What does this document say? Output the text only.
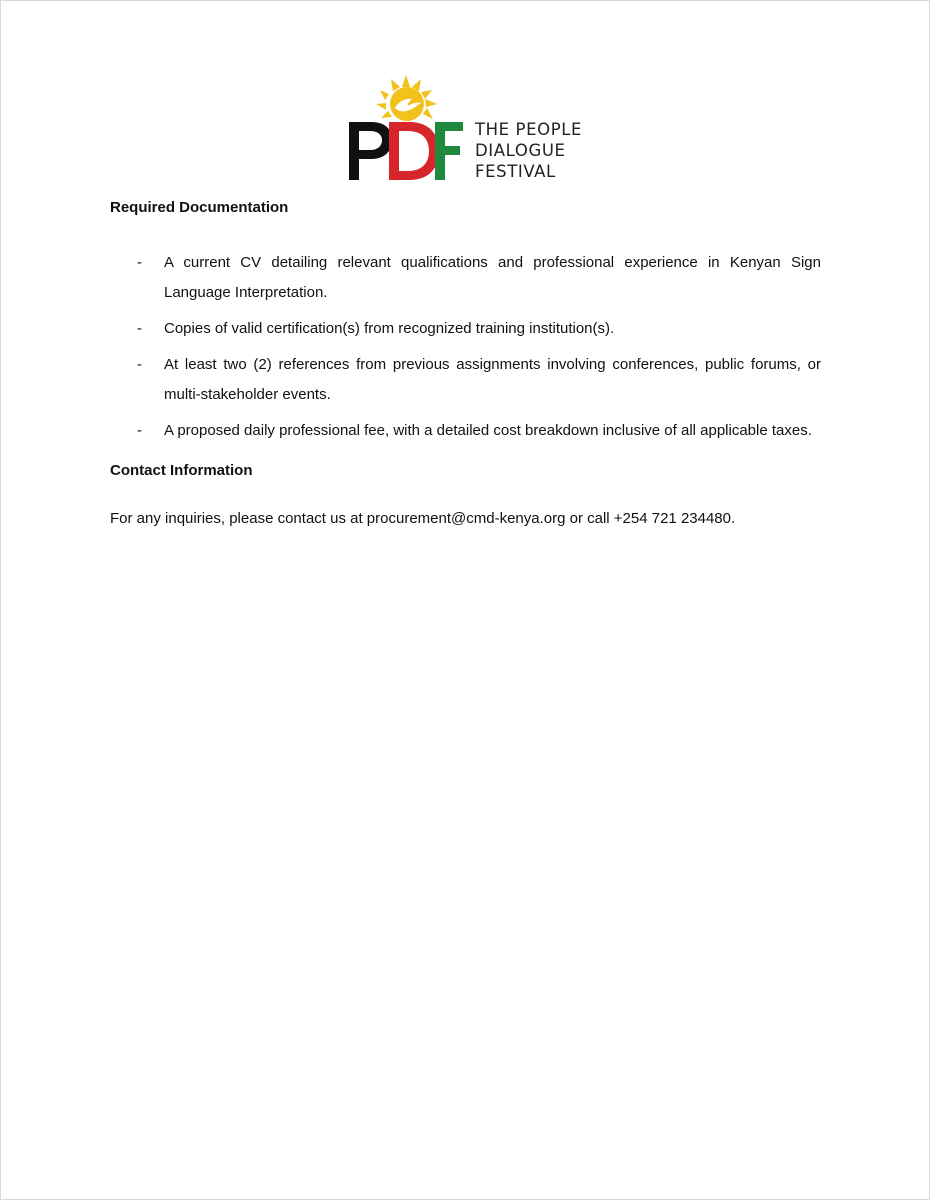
THE PEOPLE
DIALOGUE
FESTIVAL
Required Documentation
- A current CV detailing relevant qualifications and professional experience in Kenyan Sign Language Interpretation.
- Copies of valid certification(s) from recognized training institution(s).
- At least two (2) references from previous assignments involving conferences, public forums, or multi-stakeholder events.
- A proposed daily professional fee, with a detailed cost breakdown inclusive of all applicable taxes.
Contact Information
For any inquiries, please contact us at procurement@cmd-kenya.org or call +254 721 234480.
